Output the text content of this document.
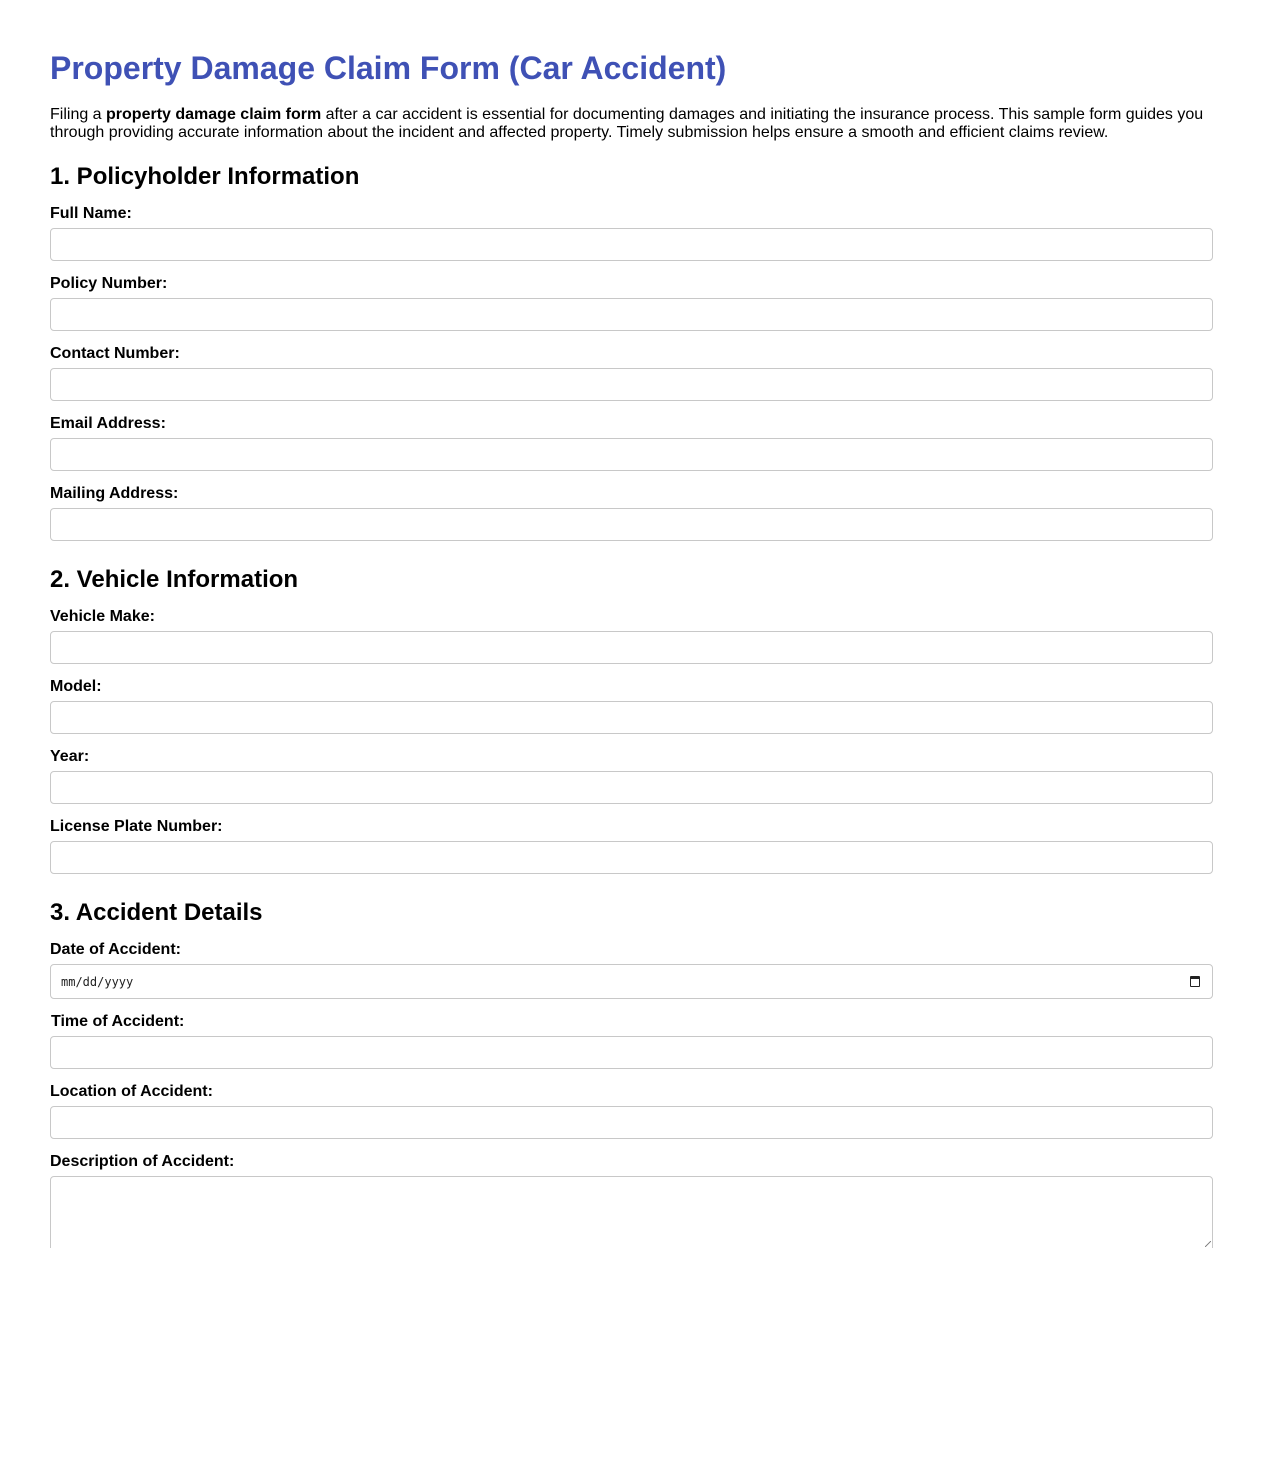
Property Damage Claim Form (Car Accident)

Filing a property damage claim form after a car accident is essential for documenting damages and initiating the insurance process. This sample form guides you through providing accurate information about the incident and affected property. Timely submission helps ensure a smooth and efficient claims review.

1. Policyholder Information
Full Name:
Policy Number:
Contact Number:
Email Address:
Mailing Address:
2. Vehicle Information
Vehicle Make:
Model:
Year:
License Plate Number:
3. Accident Details
Date of Accident:
mm/dd/yyyy
Time of Accident:
Location of Accident:
Description of Accident:
